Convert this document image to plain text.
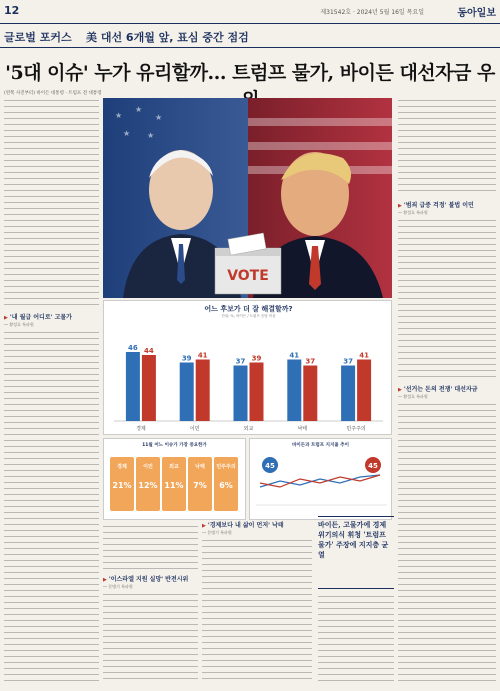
12	제31542호 · 2024년 5월 16일 목요일	동아일보
글로벌 포커스 美 대선 6개월 앞, 표심 중간 점검
'5대 이슈' 누가 유리할까… 트럼프 물가, 바이든 대선자금 우
(왼쪽 사진부터) 바이든 대통령 · 트럼프 전 대통령
▶ '내 월급 어디로' 고물가
― 황성호 특파원
★
★
★
★ ★
VOTE
어느 후보가 더 잘 해결할까?
단위: %, 바이든 / 트럼프 응답 비율
46 44
경제
39 41
이민
37 39
외교
41
37
낙태
37
41
민주주의
11월 어느 이슈가 가장 중요한가
경제
21%
이민
12%
외교
11%
낙태
7%
민주주의
6%
바이든과 트럼프 지지율 추이
45	45
▶ '이스라엘 지원 실망' 반전시위
― 문병기 특파원
바이든, 고물가에 경제 위기의식 휘청 '트럼프 물가' 주장에 지지층 균열
▶ '범죄 급증 걱정' 불법 이민
― 황성호 특파원
▶ '선거는 돈의 전쟁' 대선자금
― 황성호 특파원
▶ '경제보다 내 삶이 먼저' 낙태
― 문병기 특파원
